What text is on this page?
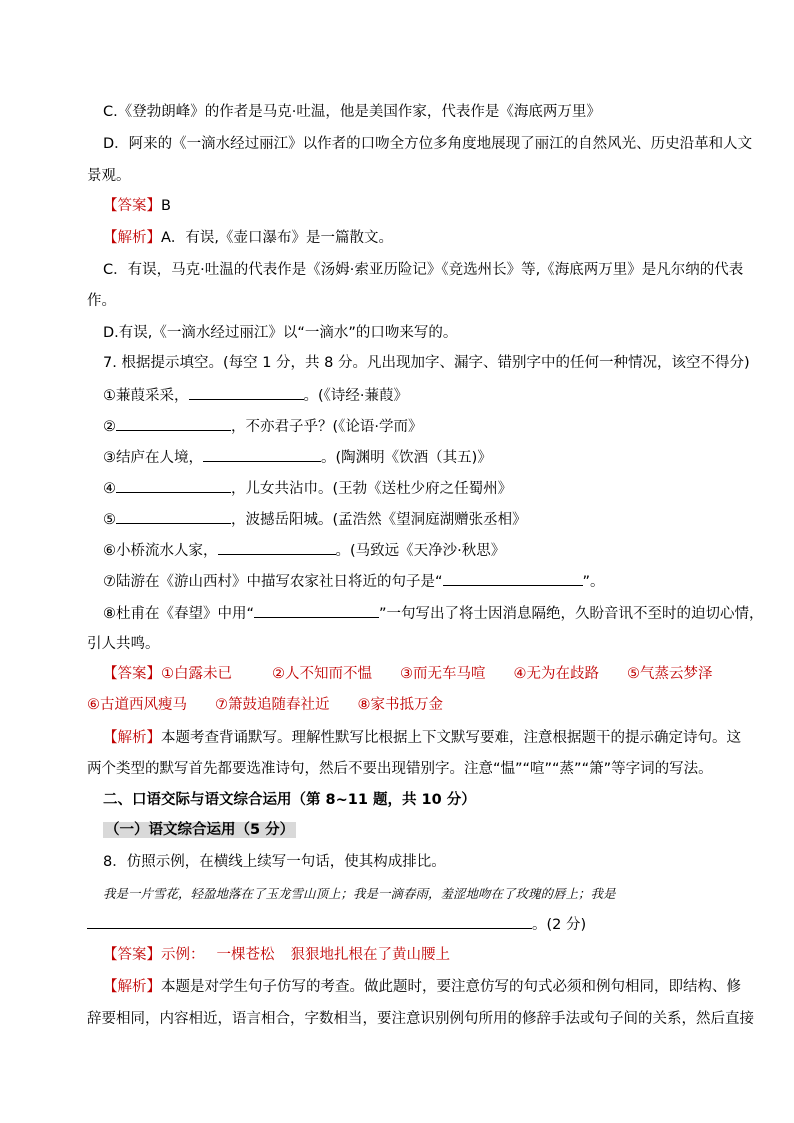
C.《登勃朗峰》的作者是马克·吐温，他是美国作家，代表作是《海底两万里》
D．阿来的《一滴水经过丽江》以作者的口吻全方位多角度地展现了丽江的自然风光、历史沿革和人文
景观。
【答案】B
【解析】A．有误,《壶口瀑布》是一篇散文。
C．有误，马克·吐温的代表作是《汤姆·索亚历险记》《竞选州长》等,《海底两万里》是凡尔纳的代表
作。
D.有误,《一滴水经过丽江》以“一滴水”的口吻来写的。
7. 根据提示填空。(每空 1 分，共 8 分。凡出现加字、漏字、错别字中的任何一种情况，该空不得分)
①蒹葭采采，	。(《诗经·蒹葭》
②	，不亦君子乎？(《论语·学而》
③结庐在人境，	。(陶渊明《饮酒（其五)》
④	，儿女共沾巾。(王勃《送杜少府之任蜀州》
⑤	，波撼岳阳城。(孟浩然《望洞庭湖赠张丞相》
⑥小桥流水人家，	。(马致远《天净沙·秋思》
⑦陆游在《游山西村》中描写农家社日将近的句子是“	”。
⑧杜甫在《春望》中用“	”一句写出了将士因消息隔绝，久盼音讯不至时的迫切心情，
引人共鸣。
【答案】①白露未已	②人不知而不愠 ③而无车马喧 ④无为在歧路 ⑤气蒸云梦泽
⑥古道西风瘦马 ⑦箫鼓追随春社近 ⑧家书抵万金
【解析】本题考查背诵默写。理解性默写比根据上下文默写要难，注意根据题干的提示确定诗句。这
两个类型的默写首先都要选准诗句，然后不要出现错别字。注意“愠”“喧”“蒸”“箫”等字词的写法。
二、口语交际与语文综合运用（第 8~11 题，共 10 分）
（一）语文综合运用（5 分）
8．仿照示例，在横线上续写一句话，使其构成排比。
我是一片雪花，轻盈地落在了玉龙雪山顶上；我是一滴春雨，羞涩地吻在了玫瑰的唇上；我是
。(2 分)
【答案】示例： 一棵苍松 狠狠地扎根在了黄山腰上
【解析】本题是对学生句子仿写的考查。做此题时，要注意仿写的句式必须和例句相同，即结构、修
辞要相同，内容相近，语言相合，字数相当，要注意识别例句所用的修辞手法或句子间的关系，然后直接
